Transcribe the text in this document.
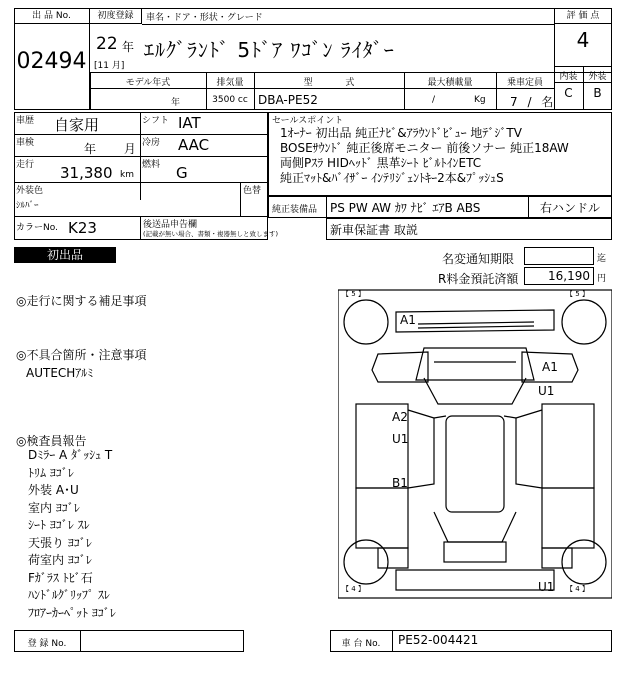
出 品 No.
02494
初度登録
22 年
[11 月]
車名・ドア・形状・グレード
ｴﾙｸﾞﾗﾝﾄﾞ 5ﾄﾞｱ ﾜｺﾞﾝ ﾗｲﾀﾞｰ
評 価 点
4
モデル年式
年
排気量
3500 cc
型 式
DBA-PE52
最大積載量
/	Kg
乗車定員
7 / 名
内装	外装
C	B
車歴 自家用	シフト IAT
車検	年 月 冷房 AAC
走行 31,380 km
燃料 G
外装色
ｼﾙﾊﾞｰ
色替
カラーNo. K23	後送品申告欄
(記載が無い場合、書類・複器無しと致します)
セールスポイント
1ｵｰﾅｰ 初出品 純正ﾅﾋﾞ&ｱﾗｳﾝﾄﾞﾋﾞｭｰ 地ﾃﾞｼﾞTV
BOSEｻｳﾝﾄﾞ 純正後席モニター 前後ソナー 純正18AW
両側Pｽﾗ HIDﾍｯﾄﾞ 黒革ｼｰﾄ ﾋﾞﾙﾄｲﾝETC
純正ﾏｯﾄ&ﾊﾞｲｻﾞｰ ｲﾝﾃﾘｼﾞｪﾝﾄｷｰ2本&ﾌﾟｯｼｭS
純正装備品 PS PW AW ｶﾜ ﾅﾋﾞ ｴｱB ABS	右ハンドル
新車保証書 取説
初出品	名変通知期限	迄
R料金預託済額	16,190 円
◎走行に関する補足事項
◎不具合箇所・注意事項
AUTECHｱﾙﾐ
◎検査員報告
Dﾐﾗｰ A ﾀﾞｯｼｭ T
ﾄﾘﾑ ﾖｺﾞﾚ
外装 A･U
室内 ﾖｺﾞﾚ
ｼｰﾄ ﾖｺﾞﾚ ｽﾚ
天張り ﾖｺﾞﾚ
荷室内 ﾖｺﾞﾚ
Fｶﾞﾗｽ ﾄﾋﾞ石
ﾊﾝﾄﾞﾙｸﾞﾘｯﾌﾟ ｽﾚ
ﾌﾛｱｰｶｰﾍﾟｯﾄ ﾖｺﾞﾚ
【 5 】	【 5 】
【 4 】	【 4 】
A1
A1
U1
A2
U1
B1
U1
登 録 No.	車 台 No.	PE52-004421
